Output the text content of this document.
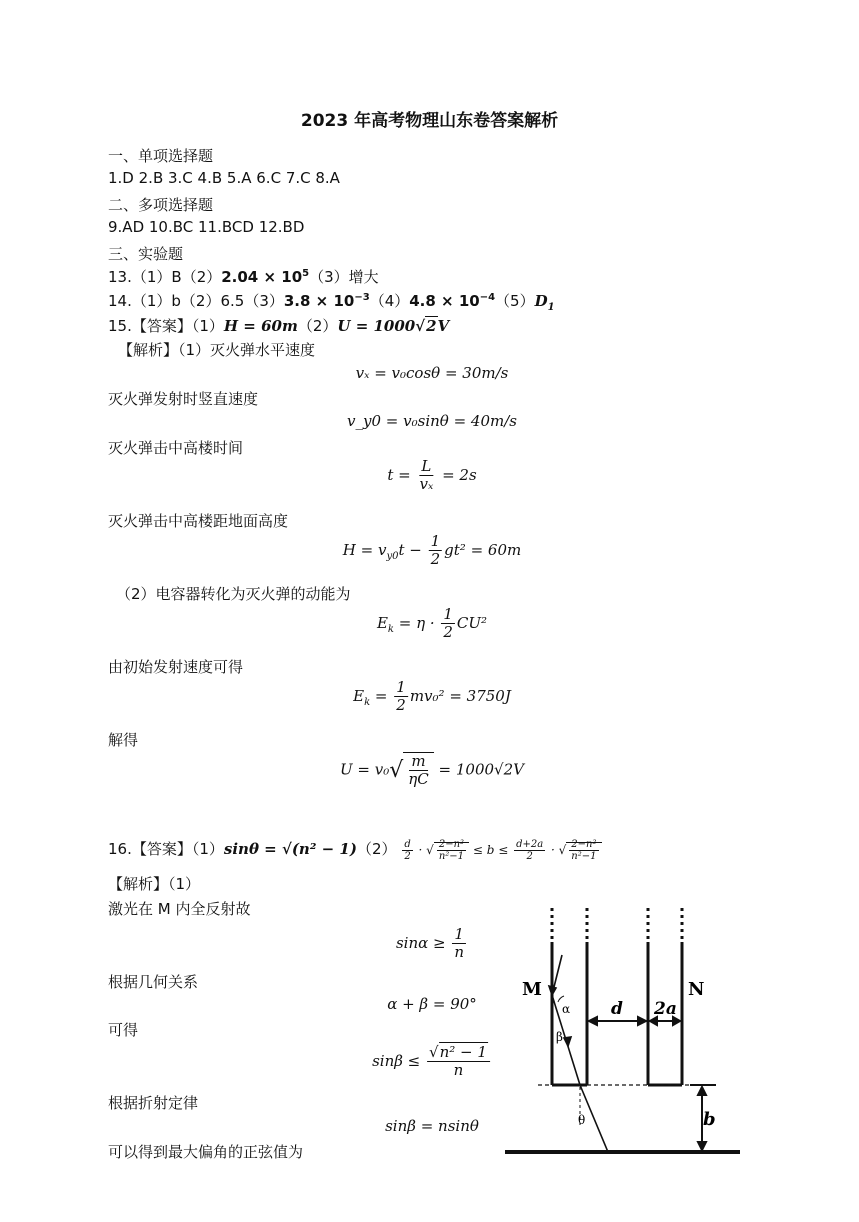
2023 年高考物理山东卷答案解析
一、单项选择题
1.D 2.B 3.C 4.B 5.A 6.C 7.C 8.A
二、多项选择题
9.AD 10.BC 11.BCD 12.BD
三、实验题
$13.(1)B(2)2.04 \times 10^5(3)$增大
$14.(1)b(2)6.5(3)3.8 \times 10^{-3}(4)4.8 \times 10^{-4}(5)D_1$
15.【答案】（1）H = 60m（2）U = 1000√2V
【解析】（1）灭火弹水平速度
vₓ = v₀cosθ = 30m/s
灭火弹发射时竖直速度
v_y0 = v₀sinθ = 40m/s
灭火弹击中高楼时间
$t = \frac{L}{\text{vₓ}} = 2s$
灭火弹击中高楼距地面高度
$H = v_{y0}t - \frac{1}{2} gt^2 = 60m$
（2）电容器转化为灭火弹的动能为
$E_k = \eta \cdot \frac{1}{2} CU^2$
由初始发射速度可得
$E_k = \frac{1}{2} mv_0^2 = 3750J$
解得
$U = v_0√ \frac{m}{\eta C} = 1000√2V$
16.【答案】$(1)\sin\theta = √(n^2 - 1)(2) \frac{d}{2}$ · √ $\frac{\text{2−n²}}{\text{n²−1}} \le b \le \frac{d+2a}{2}$ · √ $\frac{\text{2−n²}}{\text{n²−1}}$
【解析】（1）
激光在 M 内全反射故
$\sin\alpha \ge \frac{1}{n}$
根据几何关系
α + β = 90°
可得
$\sin\beta \le \frac{\text{√n² − 1}}{n}$
根据折射定律
sinβ = nsinθ
可以得到最大偏角的正弦值为
M	N
d 2a
b
α
β
θ
